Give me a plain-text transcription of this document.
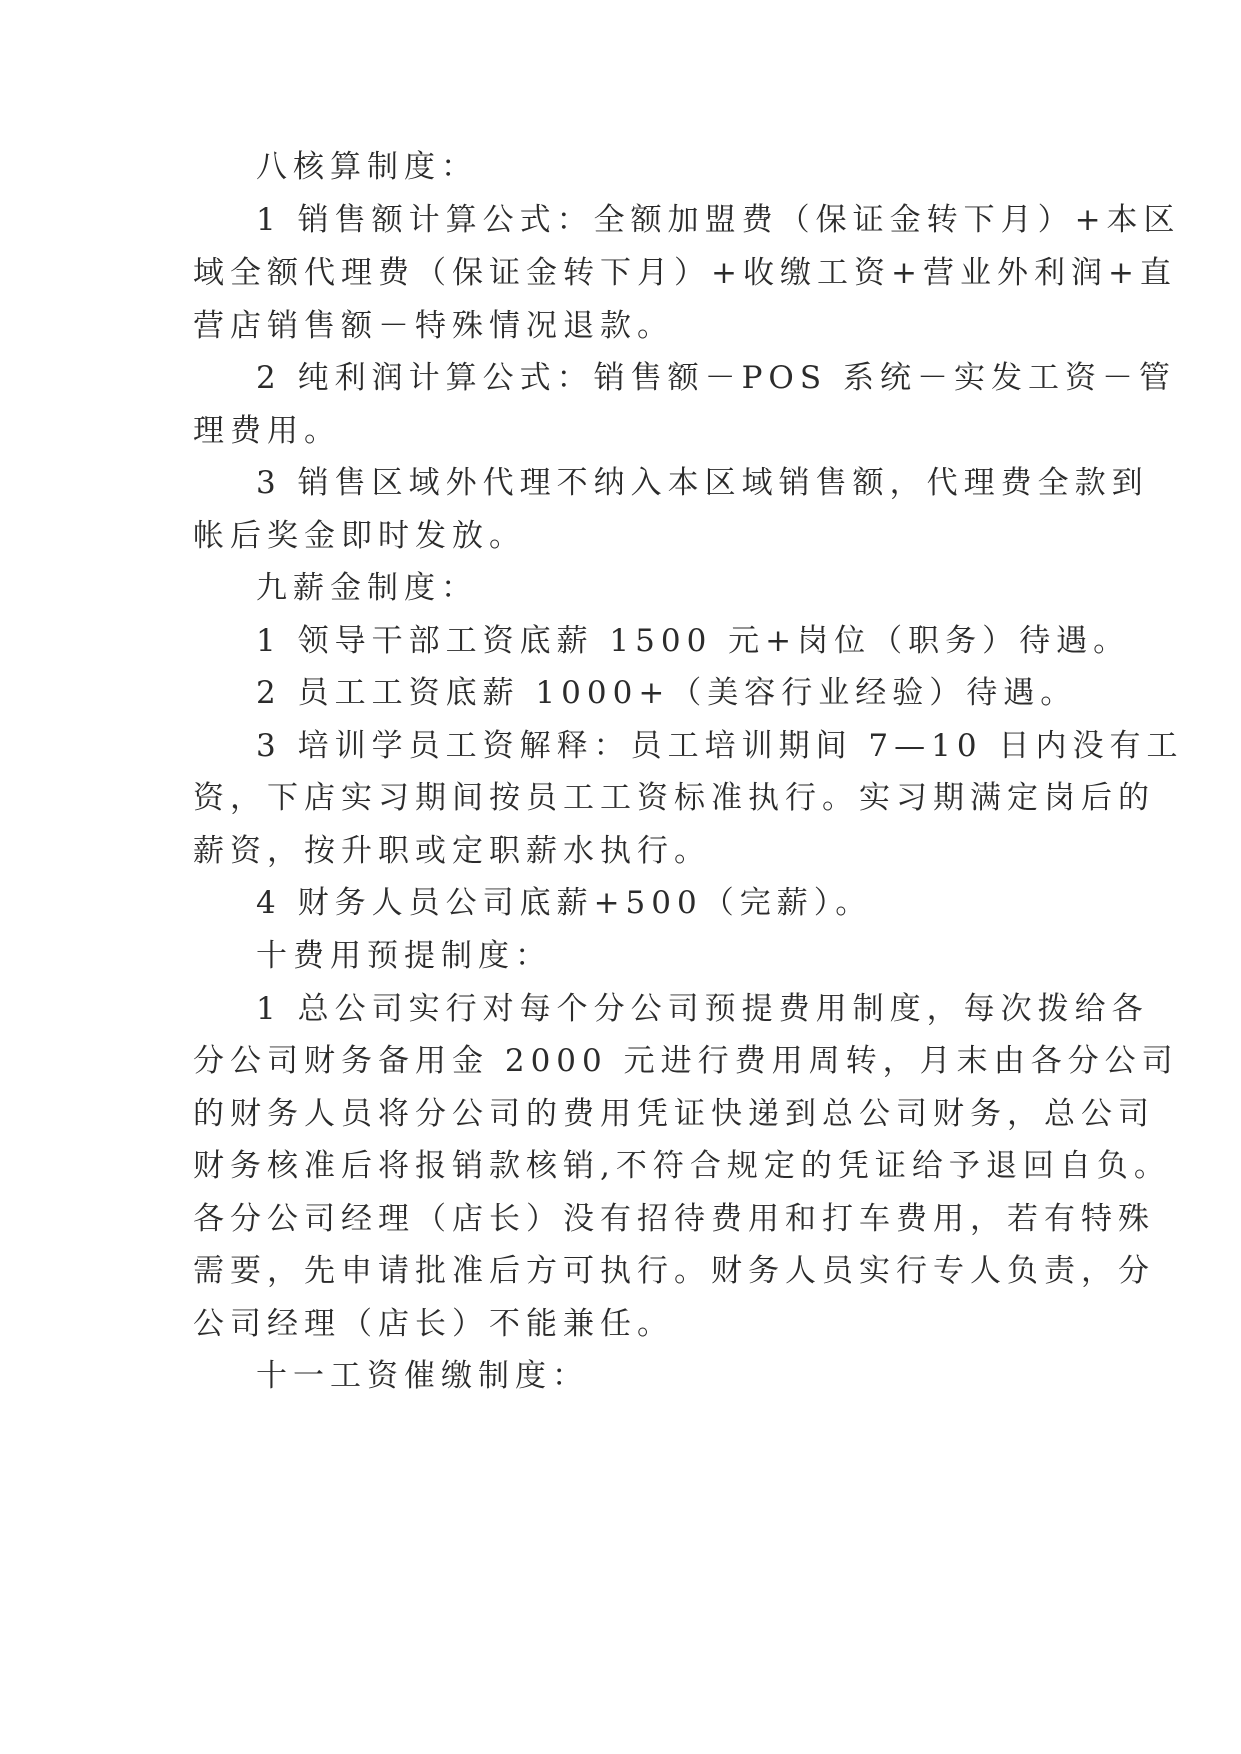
八核算制度：

1 销售额计算公式：全额加盟费（保证金转下月）+本区

域全额代理费（保证金转下月）+收缴工资+营业外利润+直

营店销售额－特殊情况退款。

2 纯利润计算公式：销售额－POS 系统－实发工资－管

理费用。

3 销售区域外代理不纳入本区域销售额，代理费全款到

帐后奖金即时发放。

九薪金制度：

1 领导干部工资底薪 1500 元+岗位（职务）待遇。

2 员工工资底薪 1000+（美容行业经验）待遇。

3 培训学员工资解释：员工培训期间 7—10 日内没有工

资，下店实习期间按员工工资标准执行。实习期满定岗后的

薪资，按升职或定职薪水执行。

4 财务人员公司底薪+500（完薪）。

十费用预提制度：

1 总公司实行对每个分公司预提费用制度，每次拨给各

分公司财务备用金 2000 元进行费用周转，月末由各分公司

的财务人员将分公司的费用凭证快递到总公司财务，总公司

财务核准后将报销款核销,不符合规定的凭证给予退回自负。

各分公司经理（店长）没有招待费用和打车费用，若有特殊

需要，先申请批准后方可执行。财务人员实行专人负责，分

公司经理（店长）不能兼任。

十一工资催缴制度：
